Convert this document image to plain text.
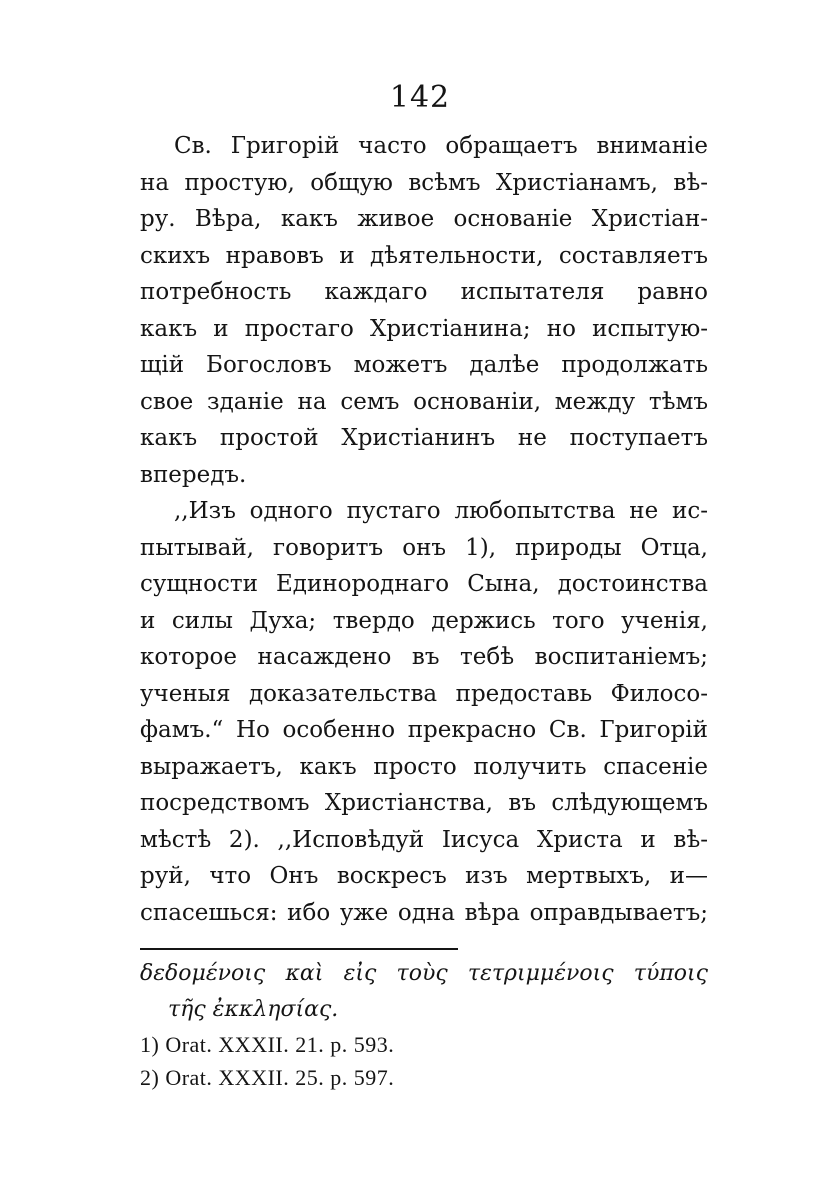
142
Св. Григорій часто обращаетъ вниманіе
на простую, общую всѣмъ Христіанамъ, вѣ-
ру. Вѣра, какъ живое основаніе Христіан-
скихъ нравовъ и дѣятельности, составляетъ
потребность каждаго испытателя равно
какъ и простаго Христіанина; но испытую-
щій Богословъ можетъ далѣе продолжать
свое зданіе на семъ основаніи, между тѣмъ
какъ простой Христіанинъ не поступаетъ
впередъ.
,,Изъ одного пустаго любопытства не ис-
пытывай, говоритъ онъ 1), природы Отца,
сущности Единороднаго Сына, достоинства
и силы Духа; твердо держись того ученія,
которое насаждено въ тебѣ воспитаніемъ;
ученыя доказательства предоставь Филосо-
фамъ.“ Но особенно прекрасно Св. Григорій
выражаетъ, какъ просто получить спасеніе
посредствомъ Христіанства, въ слѣдующемъ
мѣстѣ 2). ,,Исповѣдуй Іисуса Христа и вѣ-
руй, что Онъ воскресъ изъ мертвыхъ, и—
спасешься: ибо уже одна вѣра оправдываетъ;
δεδομένοις καὶ εἰς τοὺς τετριμμένοις τύποις
τῆς ἐκκλησίας.
1) Orat. XXXII. 21. p. 593.
2) Orat. XXXII. 25. p. 597.
